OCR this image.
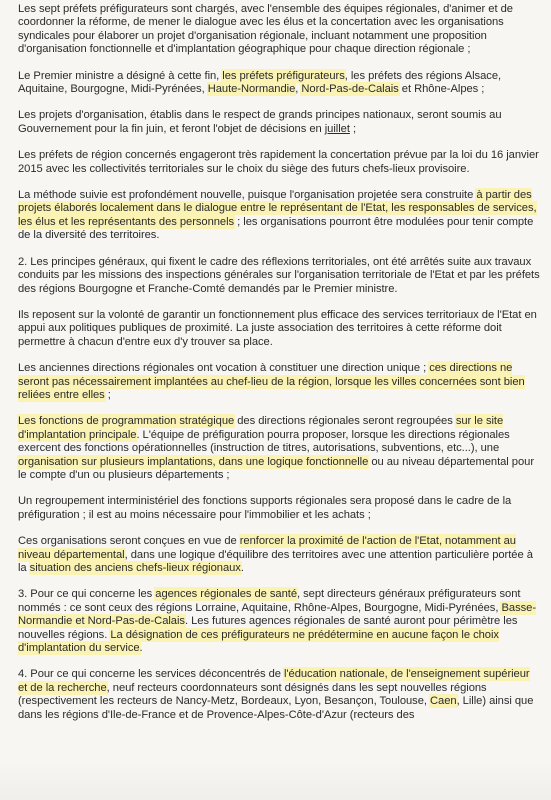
Les sept préfets préfigurateurs sont chargés, avec l'ensemble des équipes régionales, d'animer et de coordonner la réforme, de mener le dialogue avec les élus et la concertation avec les organisations syndicales pour élaborer un projet d'organisation régionale, incluant notamment une proposition d'organisation fonctionnelle et d'implantation géographique pour chaque direction régionale ;

Le Premier ministre a désigné à cette fin, les préfets préfigurateurs, les préfets des régions Alsace, Aquitaine, Bourgogne, Midi-Pyrénées, Haute-Normandie, Nord-Pas-de-Calais et Rhône-Alpes ;

Les projets d'organisation, établis dans le respect de grands principes nationaux, seront soumis au Gouvernement pour la fin juin, et feront l'objet de décisions en juillet ;

Les préfets de région concernés engageront très rapidement la concertation prévue par la loi du 16 janvier 2015 avec les collectivités territoriales sur le choix du siège des futurs chefs-lieux provisoire.

La méthode suivie est profondément nouvelle, puisque l'organisation projetée sera construite à partir des projets élaborés localement dans le dialogue entre le représentant de l'Etat, les responsables de services, les élus et les représentants des personnels ; les organisations pourront être modulées pour tenir compte de la diversité des territoires.

2. Les principes généraux, qui fixent le cadre des réflexions territoriales, ont été arrêtés suite aux travaux conduits par les missions des inspections générales sur l'organisation territoriale de l'Etat et par les préfets des régions Bourgogne et Franche-Comté demandés par le Premier ministre.

Ils reposent sur la volonté de garantir un fonctionnement plus efficace des services territoriaux de l'Etat en appui aux politiques publiques de proximité. La juste association des territoires à cette réforme doit permettre à chacun d'entre eux d'y trouver sa place.

Les anciennes directions régionales ont vocation à constituer une direction unique ; ces directions ne seront pas nécessairement implantées au chef-lieu de la région, lorsque les villes concernées sont bien reliées entre elles ;

Les fonctions de programmation stratégique des directions régionales seront regroupées sur le site d'implantation principale. L'équipe de préfiguration pourra proposer, lorsque les directions régionales exercent des fonctions opérationnelles (instruction de titres, autorisations, subventions, etc...), une organisation sur plusieurs implantations, dans une logique fonctionnelle ou au niveau départemental pour le compte d'un ou plusieurs départements ;

Un regroupement interministériel des fonctions supports régionales sera proposé dans le cadre de la préfiguration ; il est au moins nécessaire pour l'immobilier et les achats ;

Ces organisations seront conçues en vue de renforcer la proximité de l'action de l'Etat, notamment au niveau départemental, dans une logique d'équilibre des territoires avec une attention particulière portée à la situation des anciens chefs-lieux régionaux.

3. Pour ce qui concerne les agences régionales de santé, sept directeurs généraux préfigurateurs sont nommés : ce sont ceux des régions Lorraine, Aquitaine, Rhône-Alpes, Bourgogne, Midi-Pyrénées, Basse-Normandie et Nord-Pas-de-Calais. Les futures agences régionales de santé auront pour périmètre les nouvelles régions. La désignation de ces préfigurateurs ne prédétermine en aucune façon le choix d'implantation du service.

4. Pour ce qui concerne les services déconcentrés de l'éducation nationale, de l'enseignement supérieur et de la recherche, neuf recteurs coordonnateurs sont désignés dans les sept nouvelles régions (respectivement les recteurs de Nancy-Metz, Bordeaux, Lyon, Besançon, Toulouse, Caen, Lille) ainsi que dans les régions d'Ile-de-France et de Provence-Alpes-Côte-d'Azur (recteurs des
